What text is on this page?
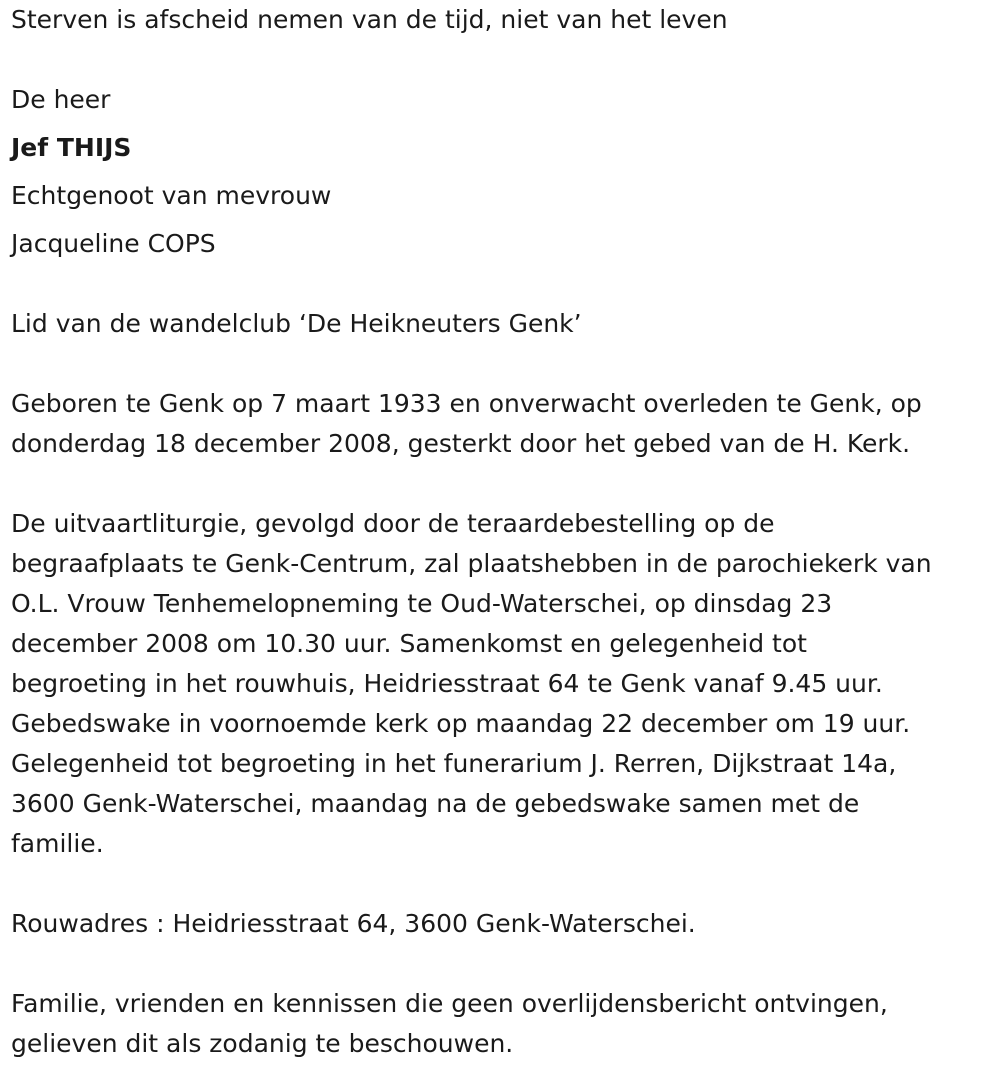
Sterven is afscheid nemen van de tijd, niet van het leven
De heer
Jef THIJS
Echtgenoot van mevrouw
Jacqueline COPS
Lid van de wandelclub ‘De Heikneuters Genk’
Geboren te Genk op 7 maart 1933 en onverwacht overleden te Genk, op
donderdag 18 december 2008, gesterkt door het gebed van de H. Kerk.
De uitvaartliturgie, gevolgd door de teraardebestelling op de
begraafplaats te Genk-Centrum, zal plaatshebben in de parochiekerk van
O.L. Vrouw Tenhemelopneming te Oud-Waterschei, op dinsdag 23
december 2008 om 10.30 uur. Samenkomst en gelegenheid tot
begroeting in het rouwhuis, Heidriesstraat 64 te Genk vanaf 9.45 uur.
Gebedswake in voornoemde kerk op maandag 22 december om 19 uur.
Gelegenheid tot begroeting in het funerarium J. Rerren, Dijkstraat 14a,
3600 Genk-Waterschei, maandag na de gebedswake samen met de
familie.
Rouwadres : Heidriesstraat 64, 3600 Genk-Waterschei.
Familie, vrienden en kennissen die geen overlijdensbericht ontvingen,
gelieven dit als zodanig te beschouwen.
